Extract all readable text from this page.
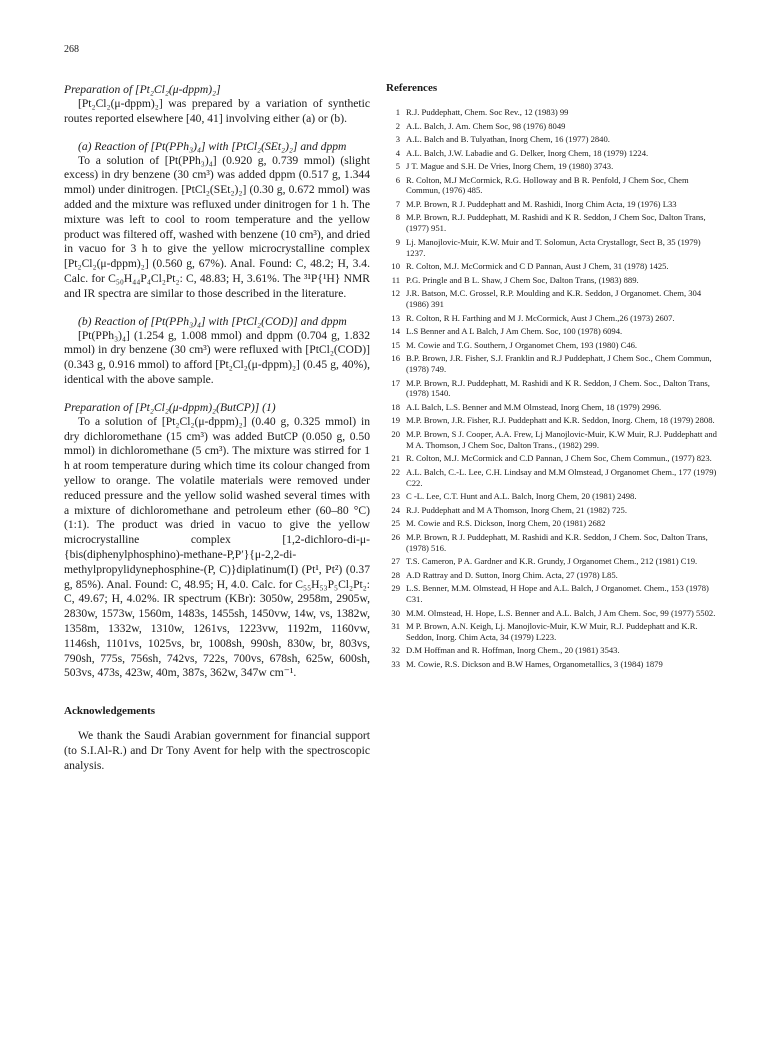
268
Preparation of [Pt₂Cl₂(μ-dppm)₂]
[Pt₂Cl₂(μ-dppm)₂] was prepared by a variation of synthetic routes reported elsewhere [40, 41] involving either (a) or (b).
(a) Reaction of [Pt(PPh₃)₄] with [PtCl₂(SEt₂)₂] and dppm
To a solution of [Pt(PPh₃)₄] (0.920 g, 0.739 mmol) (slight excess) in dry benzene (30 cm³) was added dppm (0.517 g, 1.344 mmol) under dinitrogen. [PtCl₂(SEt₂)₂] (0.30 g, 0.672 mmol) was added and the mixture was refluxed under dinitrogen for 1 h. The mixture was left to cool to room temperature and the yellow product was filtered off, washed with benzene (10 cm³), and dried in vacuo for 3 h to give the yellow microcrystalline complex [Pt₂Cl₂(μ-dppm)₂] (0.560 g, 67%). Anal. Found: C, 48.2; H, 3.4. Calc. for C₅₀H₄₄P₄Cl₂Pt₂: C, 48.83; H, 3.61%. The ³¹P{¹H} NMR and IR spectra are similar to those described in the literature.
(b) Reaction of [Pt(PPh₃)₄] with [PtCl₂(COD)] and dppm
[Pt(PPh₃)₄] (1.254 g, 1.008 mmol) and dppm (0.704 g, 1.832 mmol) in dry benzene (30 cm³) were refluxed with [PtCl₂(COD)] (0.343 g, 0.916 mmol) to afford [Pt₂Cl₂(μ-dppm)₂] (0.45 g, 40%), identical with the above sample.
Preparation of [Pt₂Cl₂(μ-dppm)₂(ButCP)] (1)
To a solution of [Pt₂Cl₂(μ-dppm)₂] (0.40 g, 0.325 mmol) in dry dichloromethane (15 cm³) was added ButCP (0.050 g, 0.50 mmol) in dichloromethane (5 cm³). The mixture was stirred for 1 h at room temperature during which time its colour changed from yellow to orange. The volatile materials were removed under reduced pressure and the yellow solid washed several times with a mixture of dichloromethane and petroleum ether (60–80 °C) (1:1). The product was dried in vacuo to give the yellow microcrystalline complex [1,2-dichloro-di-μ-{bis(diphenylphosphino)-methane-P,P′}{μ-2,2-di-methylpropylidynephosphine-(P, C)}diplatinum(I) (Pt¹, Pt²) (0.37 g, 85%). Anal. Found: C, 48.95; H, 4.0. Calc. for C₅₅H₅₃P₅Cl₂Pt₂: C, 49.67; H, 4.02%. IR spectrum (KBr): 3050w, 2958m, 2905w, 2830w, 1573w, 1560m, 1483s, 1455sh, 1450vw, 14w, vs, 1382w, 1358m, 1332w, 1310w, 1261vs, 1223vw, 1192m, 1160vw, 1146sh, 1101vs, 1025vs, br, 1008sh, 990sh, 830w, br, 803vs, 790sh, 775s, 756sh, 742vs, 722s, 700vs, 678sh, 625w, 600sh, 503vs, 473s, 423w, 40m, 387s, 362w, 347w cm⁻¹.
Acknowledgements
We thank the Saudi Arabian government for financial support (to S.I.Al-R.) and Dr Tony Avent for help with the spectroscopic analysis.
References
1 R.J. Puddephatt, Chem. Soc Rev., 12 (1983) 99
2 A.L. Balch, J. Am. Chem Soc, 98 (1976) 8049
3 A.L. Balch and B. Tulyathan, Inorg Chem, 16 (1977) 2840.
4 A.L. Balch, J.W. Labadie and G. Delker, Inorg Chem, 18 (1979) 1224.
5 J T. Mague and S.H. De Vries, Inorg Chem, 19 (1980) 3743.
6 R. Colton, M.J McCormick, R.G. Holloway and B R. Penfold, J Chem Soc, Chem Commun, (1976) 485.
7 M.P. Brown, R J. Puddephatt and M. Rashidi, Inorg Chim Acta, 19 (1976) L33
8 M.P. Brown, R.J. Puddephatt, M. Rashidi and K R. Seddon, J Chem Soc, Dalton Trans, (1977) 951.
9 Lj. Manojlovic-Muir, K.W. Muir and T. Solomun, Acta Crystallogr, Sect B, 35 (1979) 1237.
10 R. Colton, M.J. McCormick and C D Pannan, Aust J Chem, 31 (1978) 1425.
11 P.G. Pringle and B L. Shaw, J Chem Soc, Dalton Trans, (1983) 889.
12 J.R. Batson, M.C. Grossel, R.P. Moulding and K.R. Seddon, J Organomet. Chem, 304 (1986) 391
13 R. Colton, R H. Farthing and M J. McCormick, Aust J Chem.,26 (1973) 2607.
14 L.S Benner and A L Balch, J Am Chem. Soc, 100 (1978) 6094.
15 M. Cowie and T.G. Southern, J Organomet Chem, 193 (1980) C46.
16 B.P. Brown, J.R. Fisher, S.J. Franklin and R.J Puddephatt, J Chem Soc., Chem Commun, (1978) 749.
17 M.P. Brown, R.J. Puddephatt, M. Rashidi and K R. Seddon, J Chem. Soc., Dalton Trans, (1978) 1540.
18 A.L Balch, L.S. Benner and M.M Olmstead, Inorg Chem, 18 (1979) 2996.
19 M.P. Brown, J.R. Fisher, R.J. Puddephatt and K.R. Seddon, Inorg. Chem, 18 (1979) 2808.
20 M.P. Brown, S J. Cooper, A.A. Frew, Lj Manojlovic-Muir, K.W Muir, R.J. Puddephatt and M A. Thomson, J Chem Soc, Dalton Trans., (1982) 299.
21 R. Colton, M.J. McCormick and C.D Pannan, J Chem Soc, Chem Commun., (1977) 823.
22 A.L. Balch, C.-L. Lee, C.H. Lindsay and M.M Olmstead, J Organomet Chem., 177 (1979) C22.
23 C -L. Lee, C.T. Hunt and A.L. Balch, Inorg Chem, 20 (1981) 2498.
24 R.J. Puddephatt and M A Thomson, Inorg Chem, 21 (1982) 725.
25 M. Cowie and R.S. Dickson, Inorg Chem, 20 (1981) 2682
26 M.P. Brown, R J. Puddephatt, M. Rashidi and K.R. Seddon, J Chem. Soc, Dalton Trans, (1978) 516.
27 T.S. Cameron, P A. Gardner and K.R. Grundy, J Organomet Chem., 212 (1981) C19.
28 A.D Rattray and D. Sutton, Inorg Chim. Acta, 27 (1978) L85.
29 L.S. Benner, M.M. Olmstead, H Hope and A.L. Balch, J Organomet. Chem., 153 (1978) C31.
30 M.M. Olmstead, H. Hope, L.S. Benner and A.L. Balch, J Am Chem. Soc, 99 (1977) 5502.
31 M P. Brown, A.N. Keigh, Lj. Manojlovic-Muir, K.W Muir, R.J. Puddephatt and K.R. Seddon, Inorg. Chim Acta, 34 (1979) L223.
32 D.M Hoffman and R. Hoffman, Inorg Chem., 20 (1981) 3543.
33 M. Cowie, R.S. Dickson and B.W Hames, Organometallics, 3 (1984) 1879
